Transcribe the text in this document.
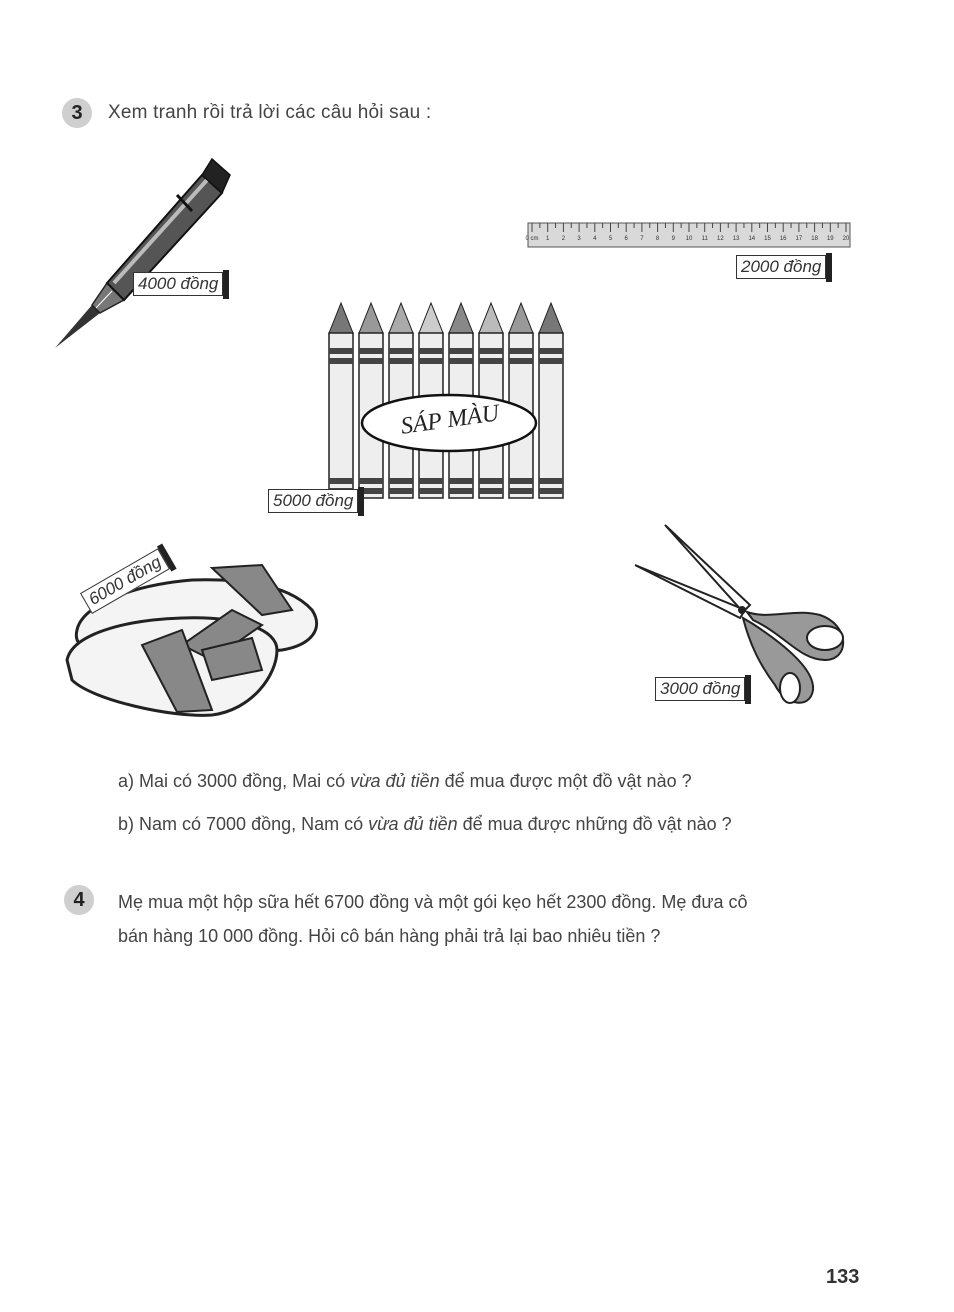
3	Xem tranh rồi trả lời các câu hỏi sau :
4000 đồng
0 cm 1 2 3 4 5 6 7 8 9 10 11 12 13 14 15 16 17 18 19 20
2000 đồng
SÁP MÀU
5000 đồng
6000 đồng
3000 đồng
a) Mai có 3000 đồng, Mai có vừa đủ tiền để mua được một đồ vật nào ?
b) Nam có 7000 đồng, Nam có vừa đủ tiền để mua được những đồ vật nào ?
4	Mẹ mua một hộp sữa hết 6700 đồng và một gói kẹo hết 2300 đồng. Mẹ đưa cô
bán hàng 10 000 đồng. Hỏi cô bán hàng phải trả lại bao nhiêu tiền ?
133
